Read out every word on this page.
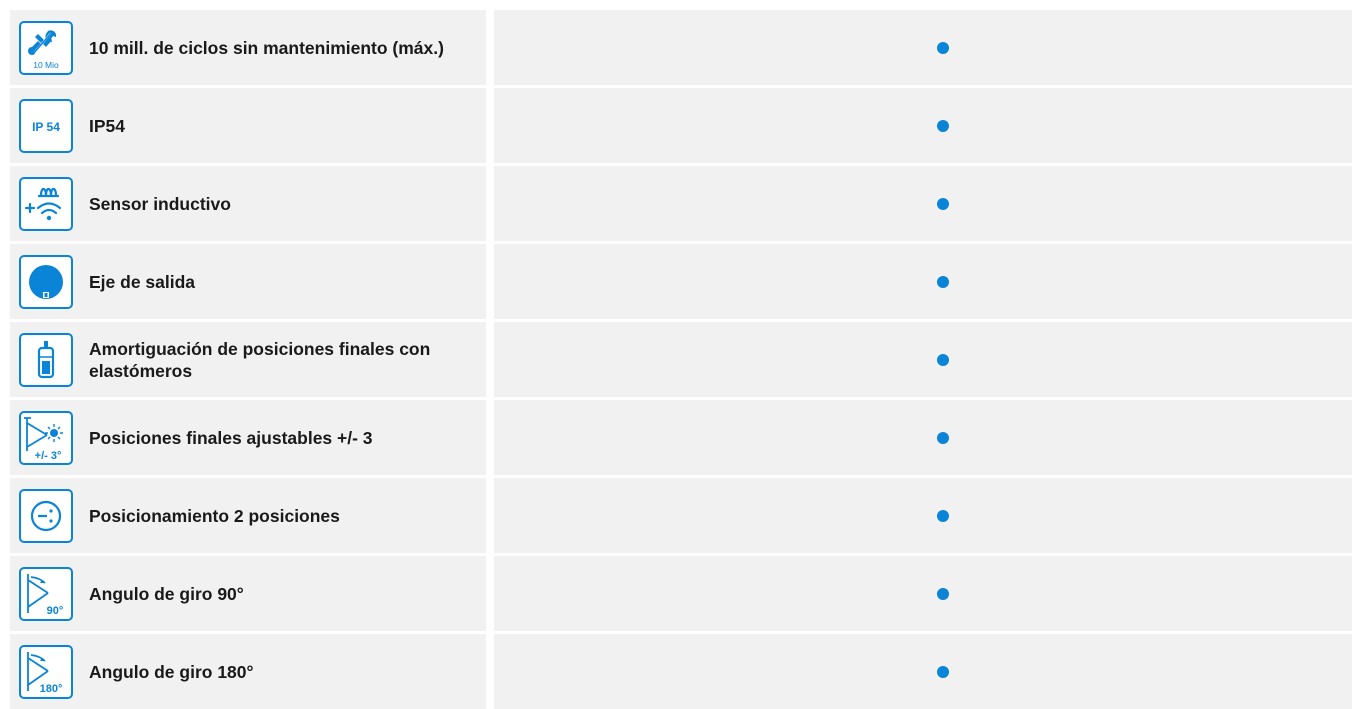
10 Mio
10 mill. de ciclos sin mantenimiento (máx.)
IP 54 IP54
Sensor inductivo
Eje de salida
Amortiguación de posiciones finales con elastómeros
+/- 3°
Posiciones finales ajustables +/- 3
Posicionamiento 2 posiciones
90°
Angulo de giro 90°
180°
Angulo de giro 180°
